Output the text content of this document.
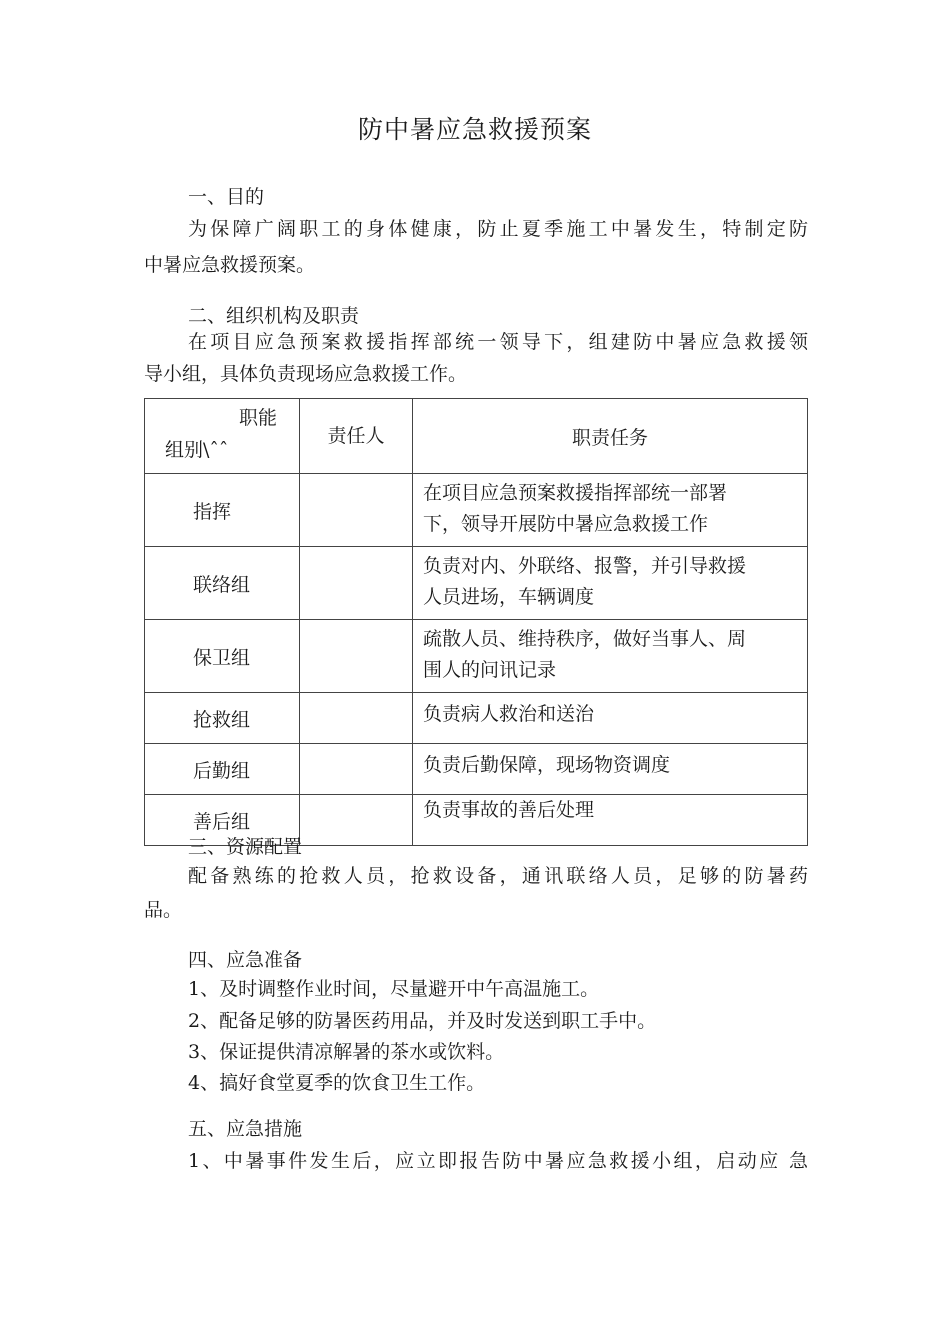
防中暑应急救援预案
一、目的
为保障广阔职工的身体健康，防止夏季施工中暑发生，特制定防
中暑应急救援预案。
二、组织机构及职责
在项目应急预案救援指挥部统一领导下，组建防中暑应急救援领
导小组，具体负责现场应急救援工作。
职能
组别\ˆˆ	责任人	职责任务
指挥		在项目应急预案救援指挥部统一部署
下，领导开展防中暑应急救援工作

联络组		负责对内、外联络、报警，并引导救援
人员进场，车辆调度

保卫组		疏散人员、维持秩序，做好当事人、周
围人的问讯记录

抢救组		负责病人救治和送治
后勤组		负责后勤保障，现场物资调度
善后组		负责事故的善后处理
三、资源配置
配备熟练的抢救人员，抢救设备，通讯联络人员，足够的防暑药
品。
四、应急准备
1、及时调整作业时间，尽量避开中午高温施工。
2、配备足够的防暑医药用品，并及时发送到职工手中。
3、保证提供清凉解暑的茶水或饮料。
4、搞好食堂夏季的饮食卫生工作。
五、应急措施
1、中暑事件发生后，应立即报告防中暑应急救援小组，启动应 急
